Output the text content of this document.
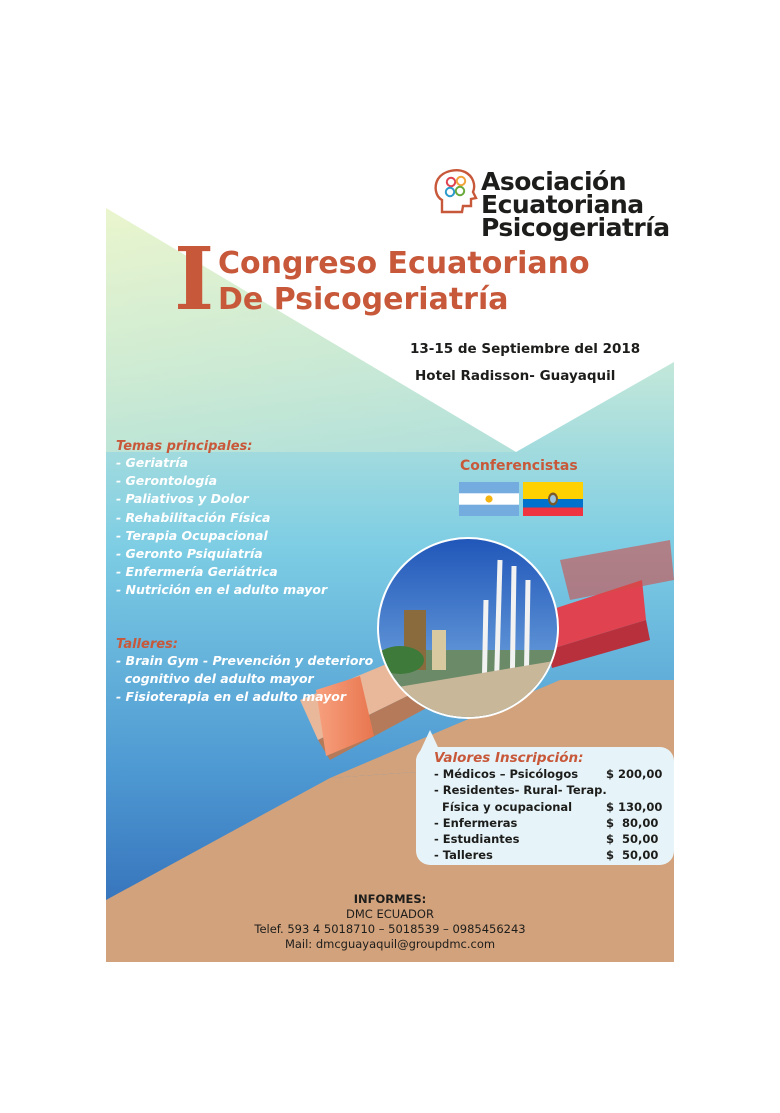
Asociación
Ecuatoriana
Psicogeriatría
I Congreso Ecuatoriano
De Psicogeriatría
13-15 de Septiembre del 2018
Hotel Radisson- Guayaquil
Temas principales:
- Geriatría
- Gerontología
- Paliativos y Dolor
- Rehabilitación Física
- Terapia Ocupacional
- Geronto Psiquiatría
- Enfermería Geriátrica
- Nutrición en el adulto mayor
Talleres:
- Brain Gym - Prevención y deterioro
cognitivo del adulto mayor
- Fisioterapia en el adulto mayor
Conferencistas
Valores Inscripción:
- Médicos – Psicólogos
- Residentes- Rural- Terap.
Física y ocupacional
- Enfermeras
- Estudiantes
- Talleres
$ 200,00
$ 130,00
$  80,00
$  50,00
$  50,00
INFORMES:
DMC ECUADOR
Telef. 593 4 5018710 – 5018539 – 0985456243
Mail: dmcguayaquil@groupdmc.com
